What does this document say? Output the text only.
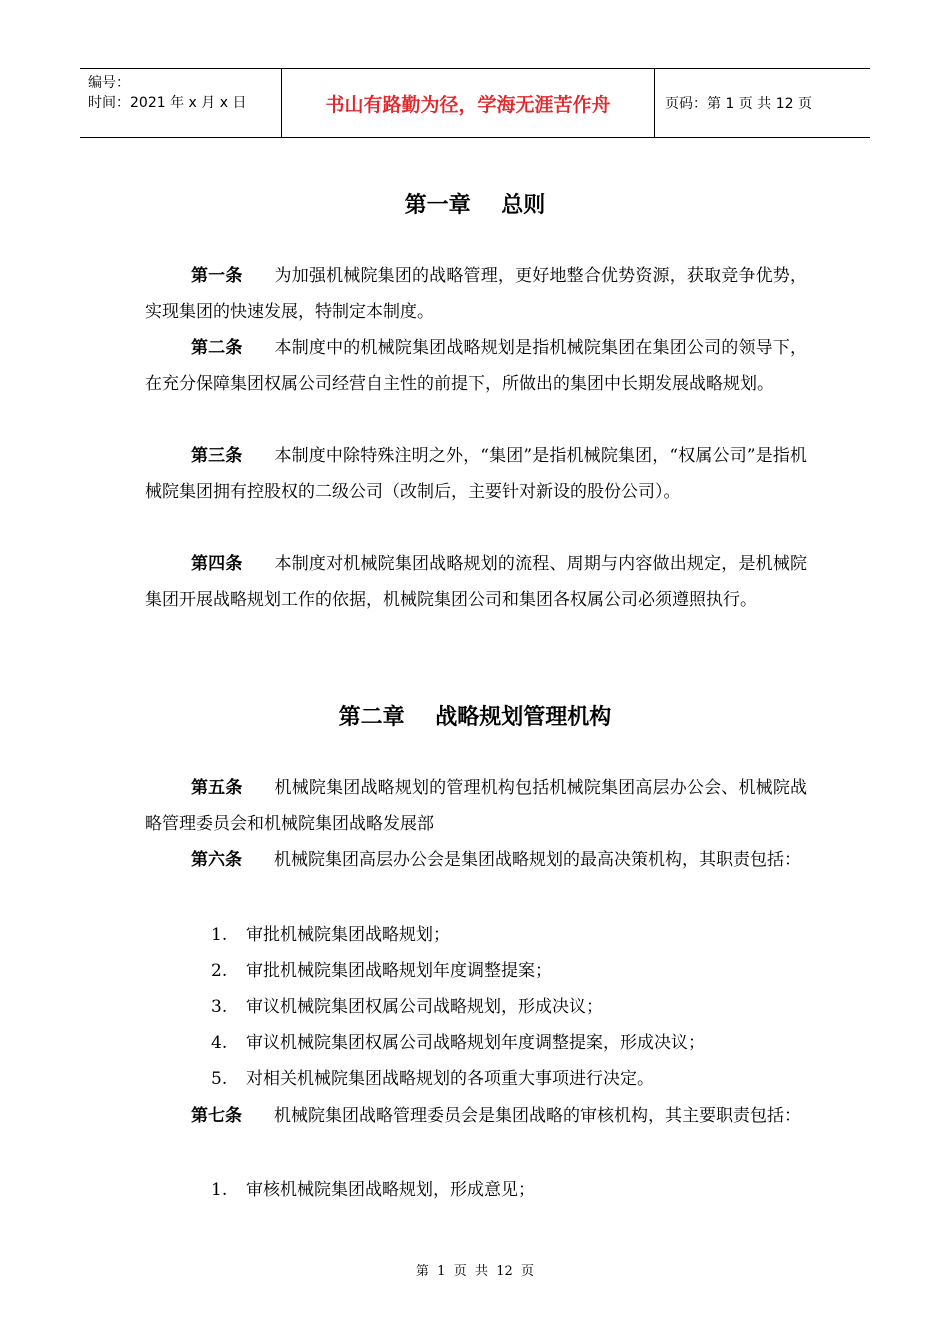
编号：
时间：2021 年 x 月 x 日	书山有路勤为径，学海无涯苦作舟	页码：第 1 页 共 12 页
第一章    总则
第一条 为加强机械院集团的战略管理，更好地整合优势资源，获取竞争优势，实现集团的快速发展，特制定本制度。
第二条 本制度中的机械院集团战略规划是指机械院集团在集团公司的领导下，在充分保障集团权属公司经营自主性的前提下，所做出的集团中长期发展战略规划。
第三条 本制度中除特殊注明之外，“集团”是指机械院集团，“权属公司”是指机械院集团拥有控股权的二级公司（改制后，主要针对新设的股份公司）。
第四条 本制度对机械院集团战略规划的流程、周期与内容做出规定，是机械院集团开展战略规划工作的依据，机械院集团公司和集团各权属公司必须遵照执行。
第二章    战略规划管理机构
第五条 机械院集团战略规划的管理机构包括机械院集团高层办公会、机械院战略管理委员会和机械院集团战略发展部
第六条 机械院集团高层办公会是集团战略规划的最高决策机构，其职责包括：
1. 审批机械院集团战略规划；
2. 审批机械院集团战略规划年度调整提案；
3. 审议机械院集团权属公司战略规划，形成决议；
4. 审议机械院集团权属公司战略规划年度调整提案，形成决议；
5. 对相关机械院集团战略规划的各项重大事项进行决定。
第七条 机械院集团战略管理委员会是集团战略的审核机构，其主要职责包括：
1. 审核机械院集团战略规划，形成意见；
第  1  页  共  12  页
